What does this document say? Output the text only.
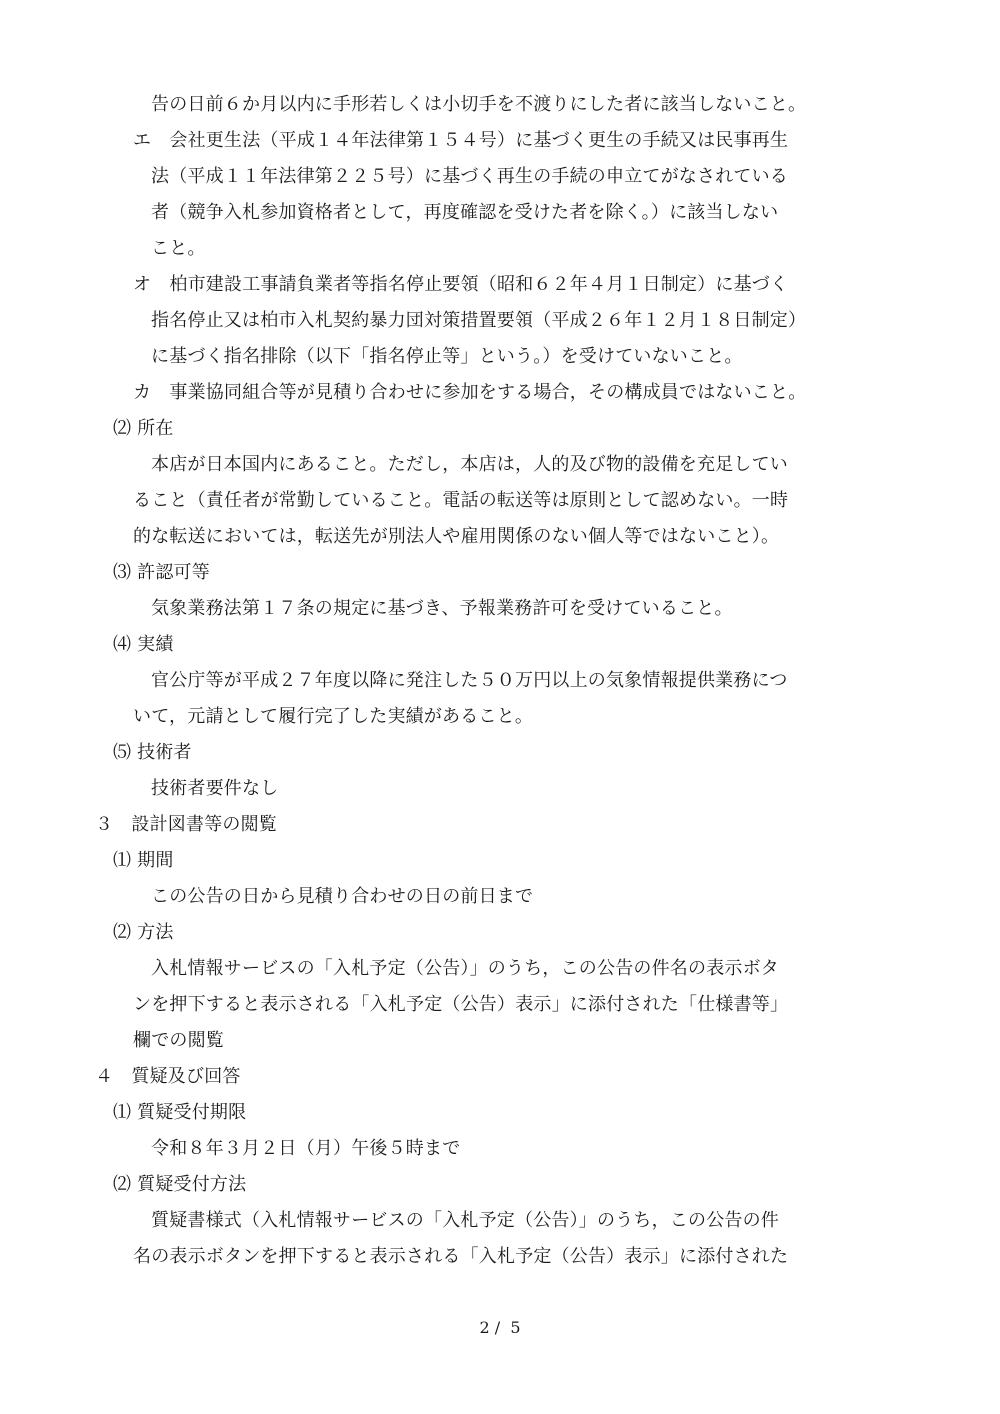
告の日前６か月以内に手形若しくは小切手を不渡りにした者に該当しないこと。
エ　会社更生法（平成１４年法律第１５４号）に基づく更生の手続又は民事再生
法（平成１１年法律第２２５号）に基づく再生の手続の申立てがなされている
者（競争入札参加資格者として，再度確認を受けた者を除く。）に該当しない
こと。
オ　柏市建設工事請負業者等指名停止要領（昭和６２年４月１日制定）に基づく
指名停止又は柏市入札契約暴力団対策措置要領（平成２６年１２月１８日制定）
に基づく指名排除（以下「指名停止等」という。）を受けていないこと。
カ　事業協同組合等が見積り合わせに参加をする場合，その構成員ではないこと。
⑵ 所在
本店が日本国内にあること。ただし，本店は，人的及び物的設備を充足してい
ること（責任者が常勤していること。電話の転送等は原則として認めない。一時
的な転送においては，転送先が別法人や雇用関係のない個人等ではないこと）。
⑶ 許認可等
気象業務法第１７条の規定に基づき、予報業務許可を受けていること。
⑷ 実績
官公庁等が平成２７年度以降に発注した５０万円以上の気象情報提供業務につ
いて，元請として履行完了した実績があること。
⑸ 技術者
技術者要件なし
３　設計図書等の閲覧
⑴ 期間
この公告の日から見積り合わせの日の前日まで
⑵ 方法
入札情報サービスの「入札予定（公告）」のうち，この公告の件名の表示ボタ
ンを押下すると表示される「入札予定（公告）表示」に添付された「仕様書等」
欄での閲覧
４　質疑及び回答
⑴ 質疑受付期限
令和８年３月２日（月）午後５時まで
⑵ 質疑受付方法
質疑書様式（入札情報サービスの「入札予定（公告）」のうち，この公告の件
名の表示ボタンを押下すると表示される「入札予定（公告）表示」に添付された
2 /  5
